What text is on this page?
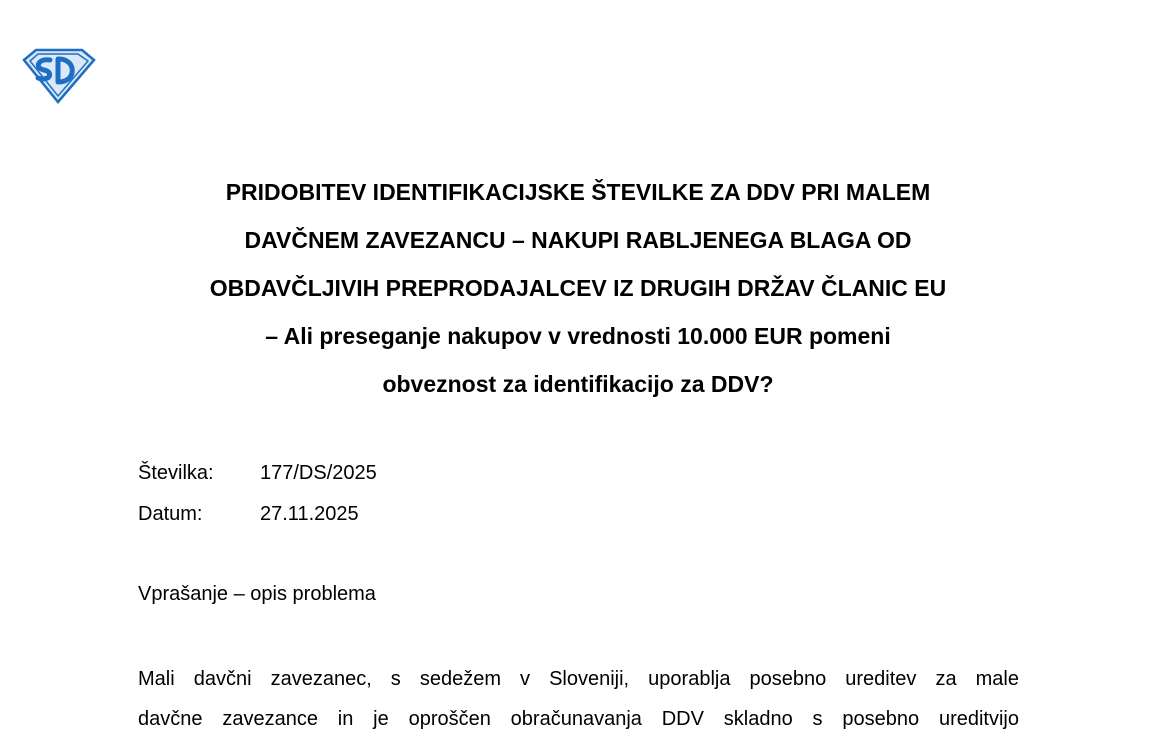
PRIDOBITEV IDENTIFIKACIJSKE ŠTEVILKE ZA DDV PRI MALEM
DAVČNEM ZAVEZANCU – NAKUPI RABLJENEGA BLAGA OD
OBDAVČLJIVIH PREPRODAJALCEV IZ DRUGIH DRŽAV ČLANIC EU
– Ali preseganje nakupov v vrednosti 10.000 EUR pomeni
obveznost za identifikacijo za DDV?
Številka: 177/DS/2025
Datum:	27.11.2025
Vprašanje – opis problema
Mali davčni zavezanec, s sedežem v Sloveniji, uporablja posebno ureditev za male
davčne zavezance in je oproščen obračunavanja DDV skladno s posebno ureditvijo
